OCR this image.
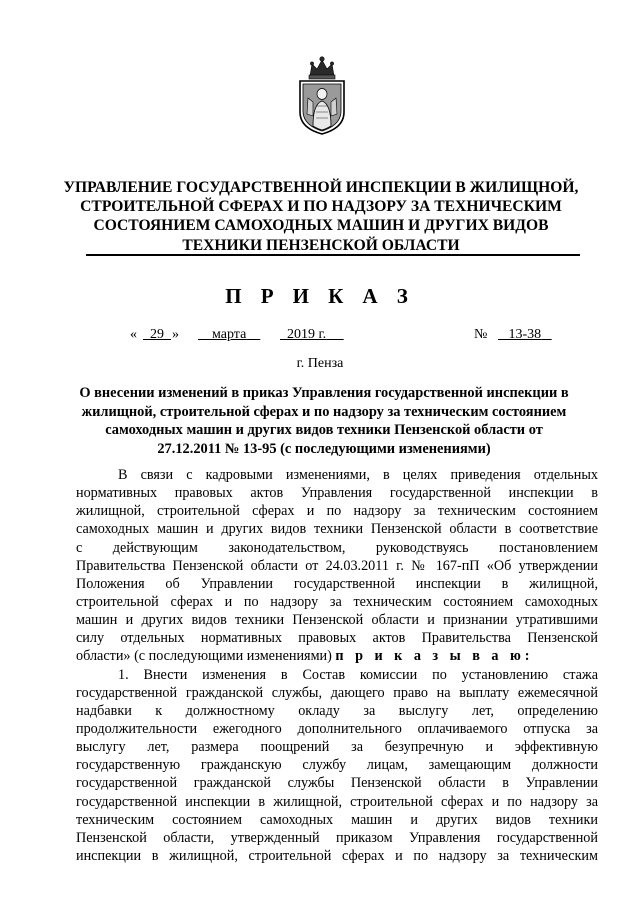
УПРАВЛЕНИЕ ГОСУДАРСТВЕННОЙ ИНСПЕКЦИИ В ЖИЛИЩНОЙ,
СТРОИТЕЛЬНОЙ СФЕРАХ И ПО НАДЗОРУ ЗА ТЕХНИЧЕСКИМ
СОСТОЯНИЕМ САМОХОДНЫХ МАШИН И ДРУГИХ ВИДОВ
ТЕХНИКИ ПЕНЗЕНСКОЙ ОБЛАСТИ
П Р И К А З
« 29 »	марта	2019 г.	№	13-38
г. Пенза
О внесении изменений в приказ Управления государственной инспекции в
жилищной, строительной сферах и по надзору за техническим состоянием
самоходных машин и других видов техники Пензенской области от
27.12.2011 № 13-95 (с последующими изменениями)
В связи с кадровыми изменениями, в целях приведения отдельных
нормативных правовых актов Управления государственной инспекции в
жилищной, строительной сферах и по надзору за техническим состоянием
самоходных машин и других видов техники Пензенской области в соответствие
с действующим законодательством, руководствуясь постановлением
Правительства Пензенской области от 24.03.2011 г. № 167-пП «Об утверждении
Положения об Управлении государственной инспекции в жилищной,
строительной сферах и по надзору за техническим состоянием самоходных
машин и других видов техники Пензенской области и признании утратившими
силу отдельных нормативных правовых актов Правительства Пензенской
области» (с последующими изменениями) п р и к а з ы в а ю:
1. Внести изменения в Состав комиссии по установлению стажа
государственной гражданской службы, дающего право на выплату ежемесячной
надбавки к должностному окладу за выслугу лет, определению
продолжительности ежегодного дополнительного оплачиваемого отпуска за
выслугу лет, размера поощрений за безупречную и эффективную
государственную гражданскую службу лицам, замещающим должности
государственной гражданской службы Пензенской области в Управлении
государственной инспекции в жилищной, строительной сферах и по надзору за
техническим состоянием самоходных машин и других видов техники
Пензенской области, утвержденный приказом Управления государственной
инспекции в жилищной, строительной сферах и по надзору за техническим
